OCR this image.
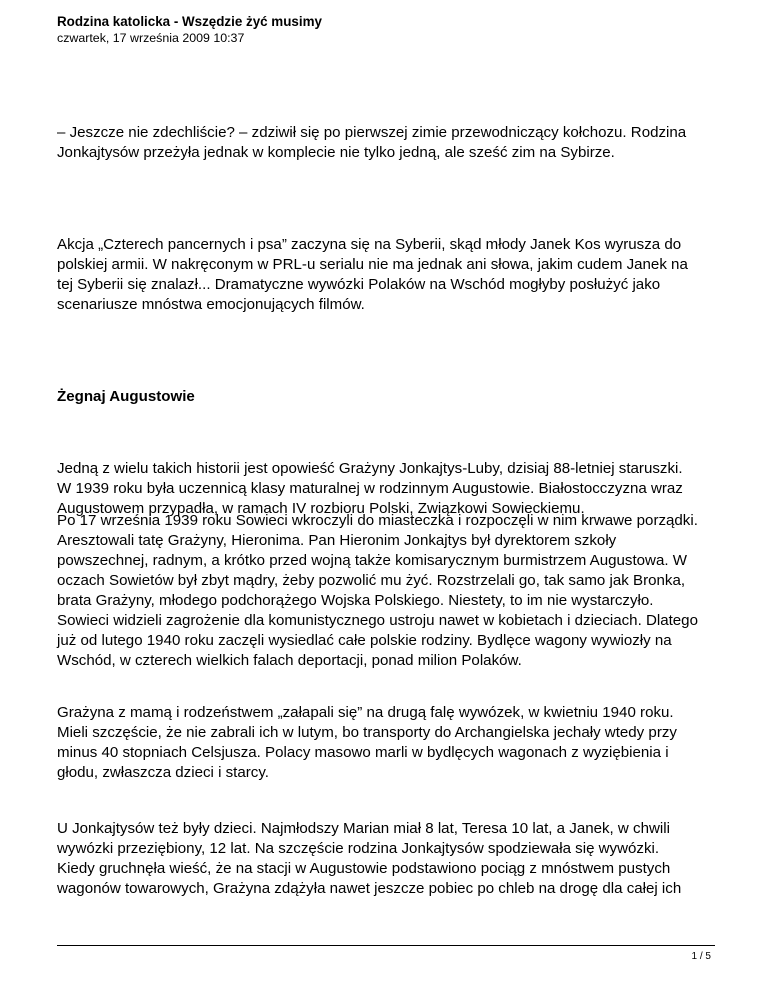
Rodzina katolicka - Wszędzie żyć musimy
czwartek, 17 września 2009 10:37
– Jeszcze nie zdechliście? – zdziwił się po pierwszej zimie przewodniczący kołchozu. Rodzina
Jonkajtysów przeżyła jednak w komplecie nie tylko jedną, ale sześć zim na Sybirze.
Akcja „Czterech pancernych i psa” zaczyna się na Syberii, skąd młody Janek Kos wyrusza do
polskiej armii. W nakręconym w PRL-u serialu nie ma jednak ani słowa, jakim cudem Janek na
tej Syberii się znalazł... Dramatyczne wywózki Polaków na Wschód mogłyby posłużyć jako
scenariusze mnóstwa emocjonujących filmów.
Żegnaj Augustowie
Jedną z wielu takich historii jest opowieść Grażyny Jonkajtys-Luby, dzisiaj 88-letniej staruszki.
W 1939 roku była uczennicą klasy maturalnej w rodzinnym Augustowie. Białostocczyzna wraz
Augustowem przypadła, w ramach IV rozbioru Polski, Związkowi Sowieckiemu.
Po 17 września 1939 roku Sowieci wkroczyli do miasteczka i rozpoczęli w nim krwawe porządki.
Aresztowali tatę Grażyny, Hieronima. Pan Hieronim Jonkajtys był dyrektorem szkoły
powszechnej, radnym, a krótko przed wojną także komisarycznym burmistrzem Augustowa. W
oczach Sowietów był zbyt mądry, żeby pozwolić mu żyć. Rozstrzelali go, tak samo jak Bronka,
brata Grażyny, młodego podchorążego Wojska Polskiego. Niestety, to im nie wystarczyło.
Sowieci widzieli zagrożenie dla komunistycznego ustroju nawet w kobietach i dzieciach. Dlatego
już od lutego 1940 roku zaczęli wysiedlać całe polskie rodziny. Bydlęce wagony wywiozły na
Wschód, w czterech wielkich falach deportacji, ponad milion Polaków.
Grażyna z mamą i rodzeństwem „załapali się” na drugą falę wywózek, w kwietniu 1940 roku.
Mieli szczęście, że nie zabrali ich w lutym, bo transporty do Archangielska jechały wtedy przy
minus 40 stopniach Celsjusza. Polacy masowo marli w bydlęcych wagonach z wyziębienia i
głodu, zwłaszcza dzieci i starcy.
U Jonkajtysów też były dzieci. Najmłodszy Marian miał 8 lat, Teresa 10 lat, a Janek, w chwili
wywózki przeziębiony, 12 lat. Na szczęście rodzina Jonkajtysów spodziewała się wywózki.
Kiedy gruchnęła wieść, że na stacji w Augustowie podstawiono pociąg z mnóstwem pustych
wagonów towarowych, Grażyna zdążyła nawet jeszcze pobiec po chleb na drogę dla całej ich
1 / 5
